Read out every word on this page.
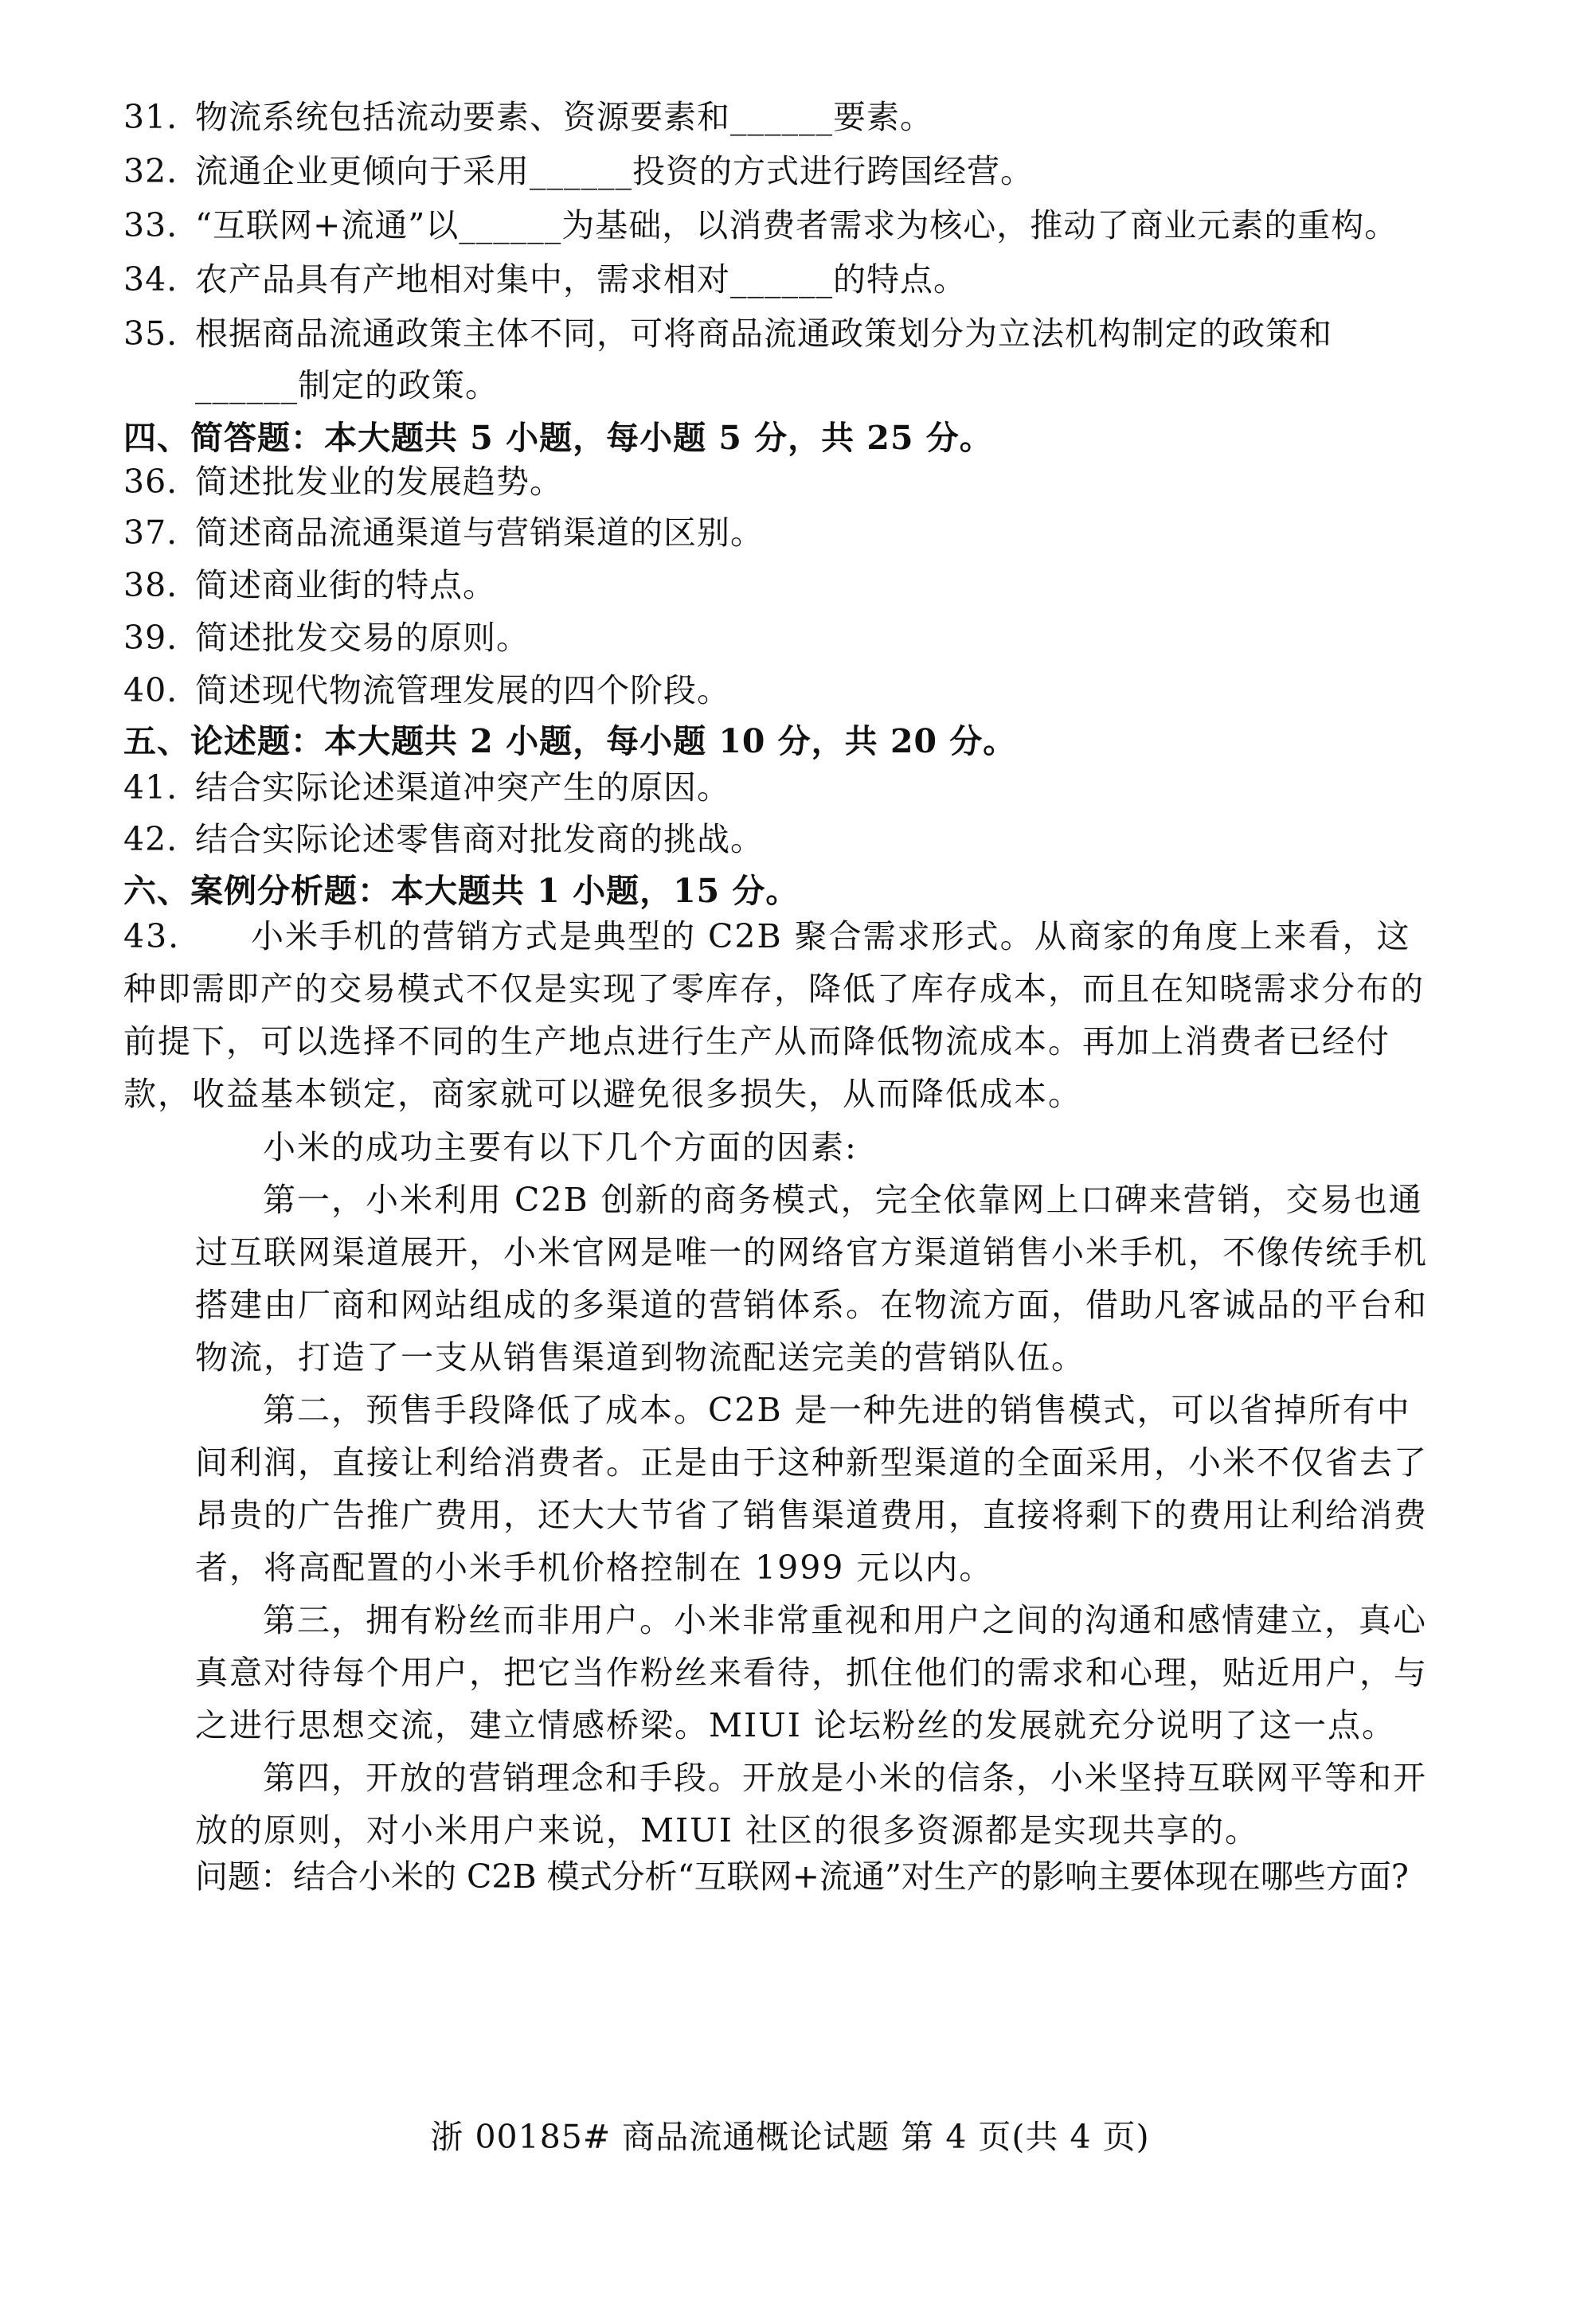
31. 物流系统包括流动要素、资源要素和______要素。
32. 流通企业更倾向于采用______投资的方式进行跨国经营。
33. “互联网+流通”以______为基础，以消费者需求为核心，推动了商业元素的重构。
34. 农产品具有产地相对集中，需求相对______的特点。
35. 根据商品流通政策主体不同，可将商品流通政策划分为立法机构制定的政策和
______制定的政策。
四、简答题：本大题共 5 小题，每小题 5 分，共 25 分。
36. 简述批发业的发展趋势。
37. 简述商品流通渠道与营销渠道的区别。
38. 简述商业街的特点。
39. 简述批发交易的原则。
40. 简述现代物流管理发展的四个阶段。
五、论述题：本大题共 2 小题，每小题 10 分，共 20 分。
41. 结合实际论述渠道冲突产生的原因。
42. 结合实际论述零售商对批发商的挑战。
六、案例分析题：本大题共 1 小题，15 分。
43. 小米手机的营销方式是典型的 C2B 聚合需求形式。从商家的角度上来看，这种即需即产的交易模式不仅是实现了零库存，降低了库存成本，而且在知晓需求分布的前提下，可以选择不同的生产地点进行生产从而降低物流成本。再加上消费者已经付款，收益基本锁定，商家就可以避免很多损失，从而降低成本。
小米的成功主要有以下几个方面的因素:
第一，小米利用 C2B 创新的商务模式，完全依靠网上口碑来营销，交易也通过互联网渠道展开，小米官网是唯一的网络官方渠道销售小米手机，不像传统手机搭建由厂商和网站组成的多渠道的营销体系。在物流方面，借助凡客诚品的平台和物流，打造了一支从销售渠道到物流配送完美的营销队伍。
第二，预售手段降低了成本。C2B 是一种先进的销售模式，可以省掉所有中间利润，直接让利给消费者。正是由于这种新型渠道的全面采用，小米不仅省去了昂贵的广告推广费用，还大大节省了销售渠道费用，直接将剩下的费用让利给消费者，将高配置的小米手机价格控制在 1999 元以内。
第三，拥有粉丝而非用户。小米非常重视和用户之间的沟通和感情建立，真心真意对待每个用户，把它当作粉丝来看待，抓住他们的需求和心理，贴近用户，与之进行思想交流，建立情感桥梁。MIUI 论坛粉丝的发展就充分说明了这一点。
第四，开放的营销理念和手段。开放是小米的信条，小米坚持互联网平等和开放的原则，对小米用户来说，MIUI 社区的很多资源都是实现共享的。
问题：结合小米的 C2B 模式分析“互联网+流通”对生产的影响主要体现在哪些方面?
浙 00185# 商品流通概论试题 第 4 页(共 4 页)
